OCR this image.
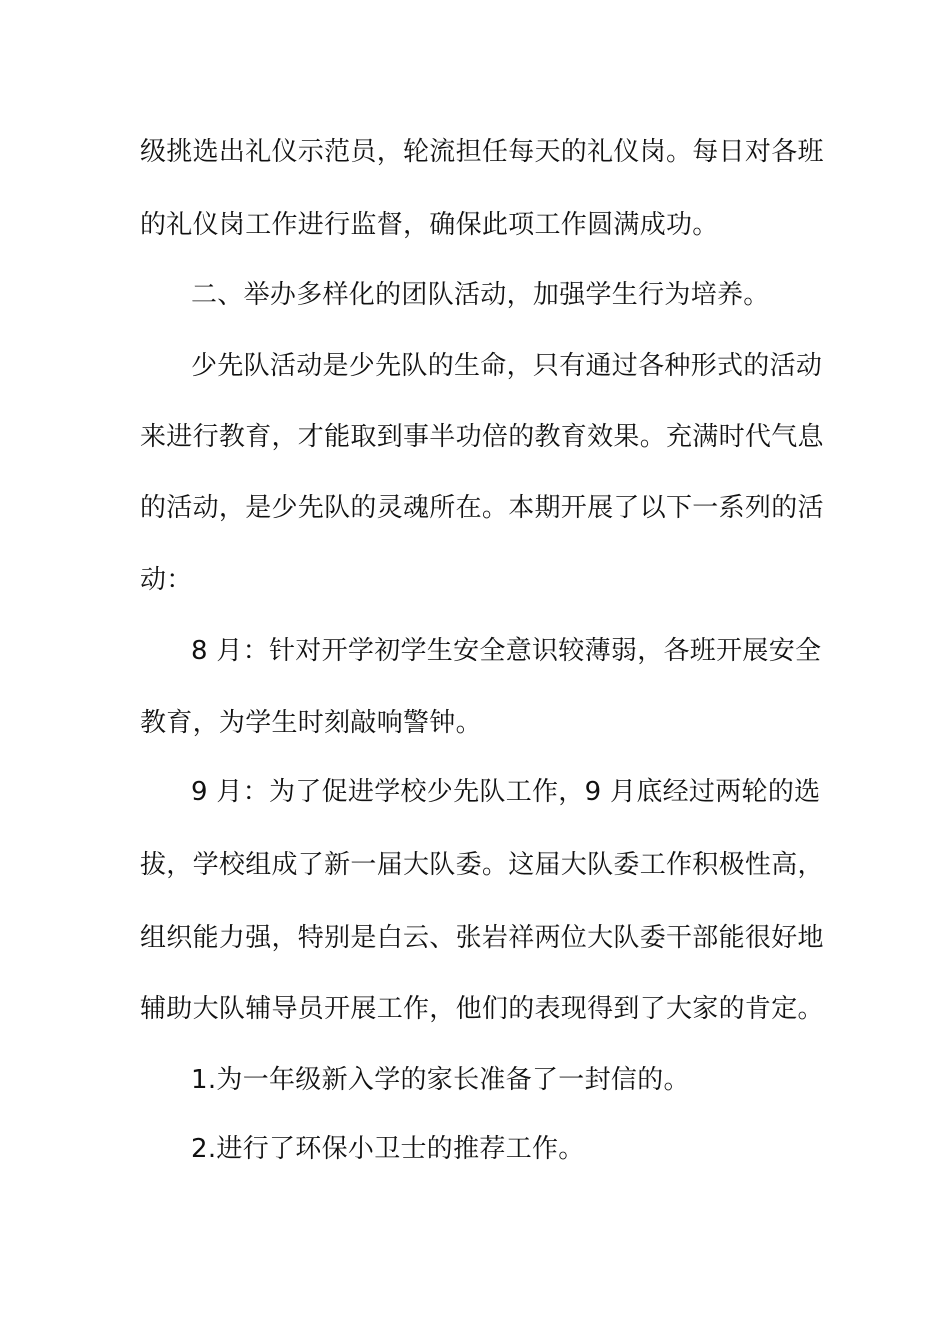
级挑选出礼仪示范员，轮流担任每天的礼仪岗。每日对各班
的礼仪岗工作进行监督，确保此项工作圆满成功。
二、举办多样化的团队活动，加强学生行为培养。
少先队活动是少先队的生命，只有通过各种形式的活动
来进行教育，才能取到事半功倍的教育效果。充满时代气息
的活动，是少先队的灵魂所在。本期开展了以下一系列的活
动：
8 月：针对开学初学生安全意识较薄弱，各班开展安全
教育，为学生时刻敲响警钟。
9 月：为了促进学校少先队工作，9 月底经过两轮的选
拔，学校组成了新一届大队委。这届大队委工作积极性高，
组织能力强，特别是白云、张岩祥两位大队委干部能很好地
辅助大队辅导员开展工作，他们的表现得到了大家的肯定。
1.为一年级新入学的家长准备了一封信的。
2.进行了环保小卫士的推荐工作。
